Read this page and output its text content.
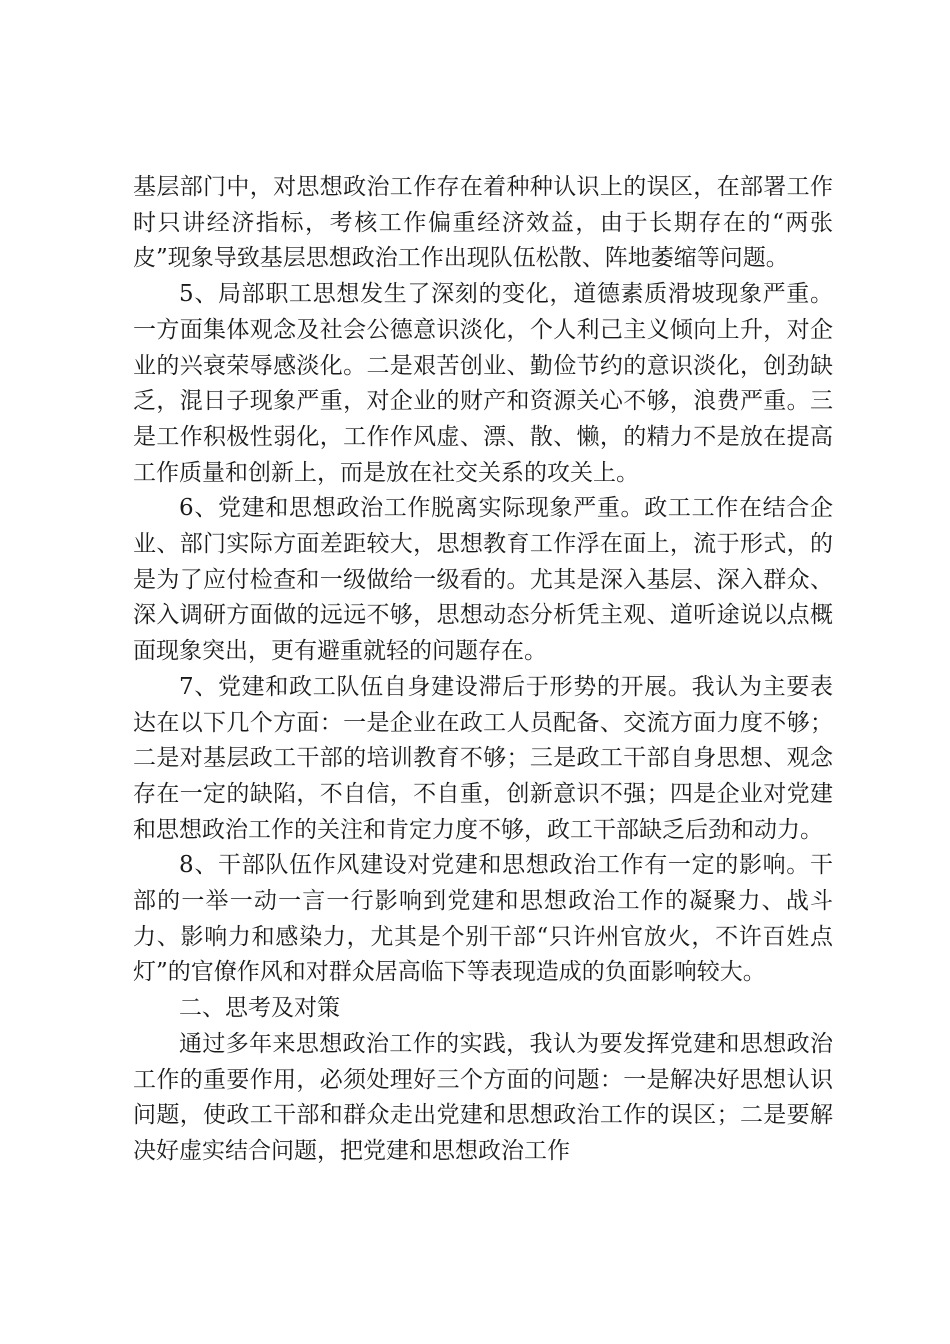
基层部门中，对思想政治工作存在着种种认识上的误区，在部署工作时只讲经济指标，考核工作偏重经济效益，由于长期存在的“两张皮”现象导致基层思想政治工作出现队伍松散、阵地萎缩等问题。

5、局部职工思想发生了深刻的变化，道德素质滑坡现象严重。一方面集体观念及社会公德意识淡化，个人利己主义倾向上升，对企业的兴衰荣辱感淡化。二是艰苦创业、勤俭节约的意识淡化，创劲缺乏，混日子现象严重，对企业的财产和资源关心不够，浪费严重。三是工作积极性弱化，工作作风虚、漂、散、懒，的精力不是放在提高工作质量和创新上，而是放在社交关系的攻关上。

6、党建和思想政治工作脱离实际现象严重。政工工作在结合企业、部门实际方面差距较大，思想教育工作浮在面上，流于形式，的是为了应付检查和一级做给一级看的。尤其是深入基层、深入群众、深入调研方面做的远远不够，思想动态分析凭主观、道听途说以点概面现象突出，更有避重就轻的问题存在。

7、党建和政工队伍自身建设滞后于形势的开展。我认为主要表达在以下几个方面：一是企业在政工人员配备、交流方面力度不够；二是对基层政工干部的培训教育不够；三是政工干部自身思想、观念存在一定的缺陷，不自信，不自重，创新意识不强；四是企业对党建和思想政治工作的关注和肯定力度不够，政工干部缺乏后劲和动力。

8、干部队伍作风建设对党建和思想政治工作有一定的影响。干部的一举一动一言一行影响到党建和思想政治工作的凝聚力、战斗力、影响力和感染力，尤其是个别干部“只许州官放火，不许百姓点灯”的官僚作风和对群众居高临下等表现造成的负面影响较大。

二、思考及对策

通过多年来思想政治工作的实践，我认为要发挥党建和思想政治工作的重要作用，必须处理好三个方面的问题：一是解决好思想认识问题，使政工干部和群众走出党建和思想政治工作的误区；二是要解决好虚实结合问题，把党建和思想政治工作
